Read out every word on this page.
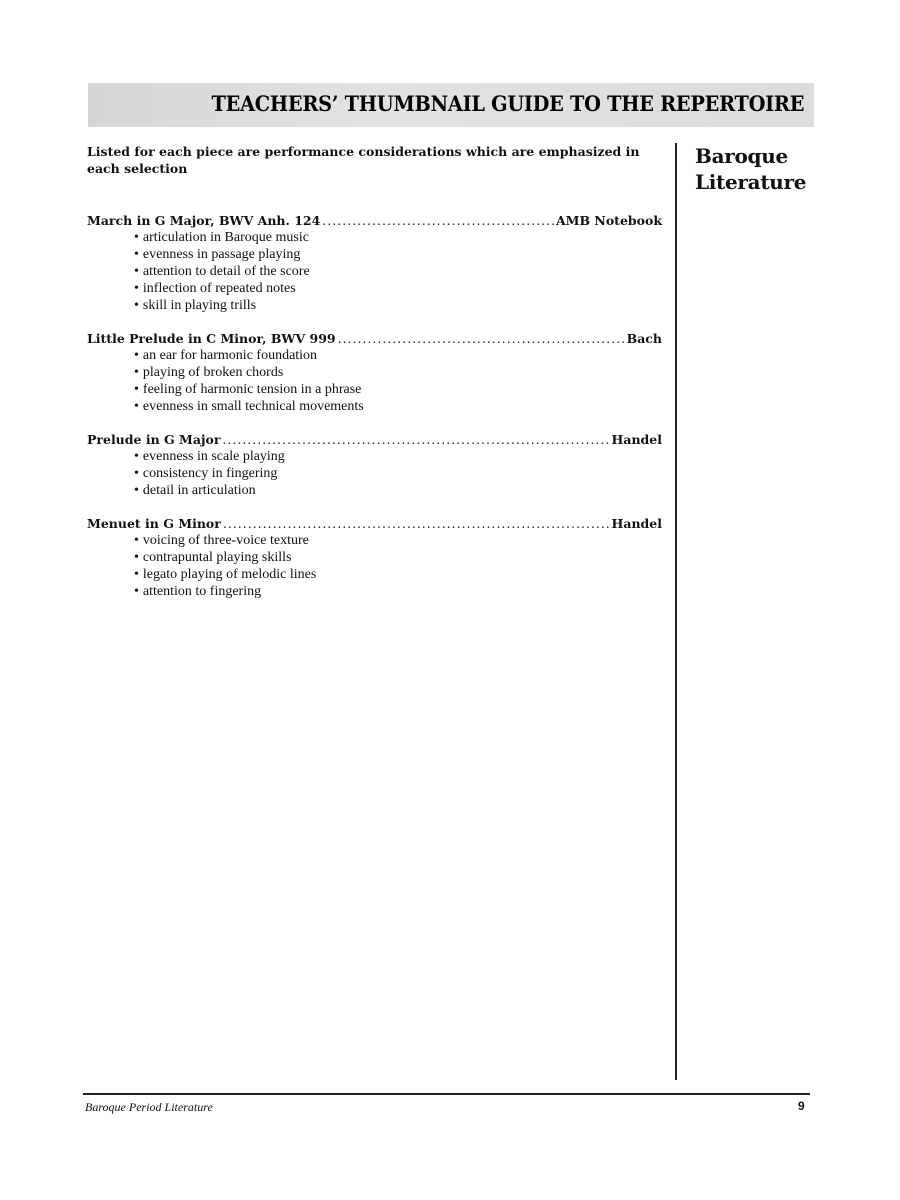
TEACHERS’ THUMBNAIL GUIDE TO THE REPERTOIRE
Listed for each piece are performance considerations which are emphasized in each selection
Baroque
Literature
March in G Major, BWV Anh. 124 .....	AMB Notebook
• articulation in Baroque music
• evenness in passage playing
• attention to detail of the score
• inflection of repeated notes
• skill in playing trills
Little Prelude in C Minor, BWV 999 .....	Bach
• an ear for harmonic foundation
• playing of broken chords
• feeling of harmonic tension in a phrase
• evenness in small technical movements
Prelude in G Major .....	Handel
• evenness in scale playing
• consistency in fingering
• detail in articulation
Menuet in G Minor .....	Handel
• voicing of three-voice texture
• contrapuntal playing skills
• legato playing of melodic lines
• attention to fingering
Baroque Period Literature	9
